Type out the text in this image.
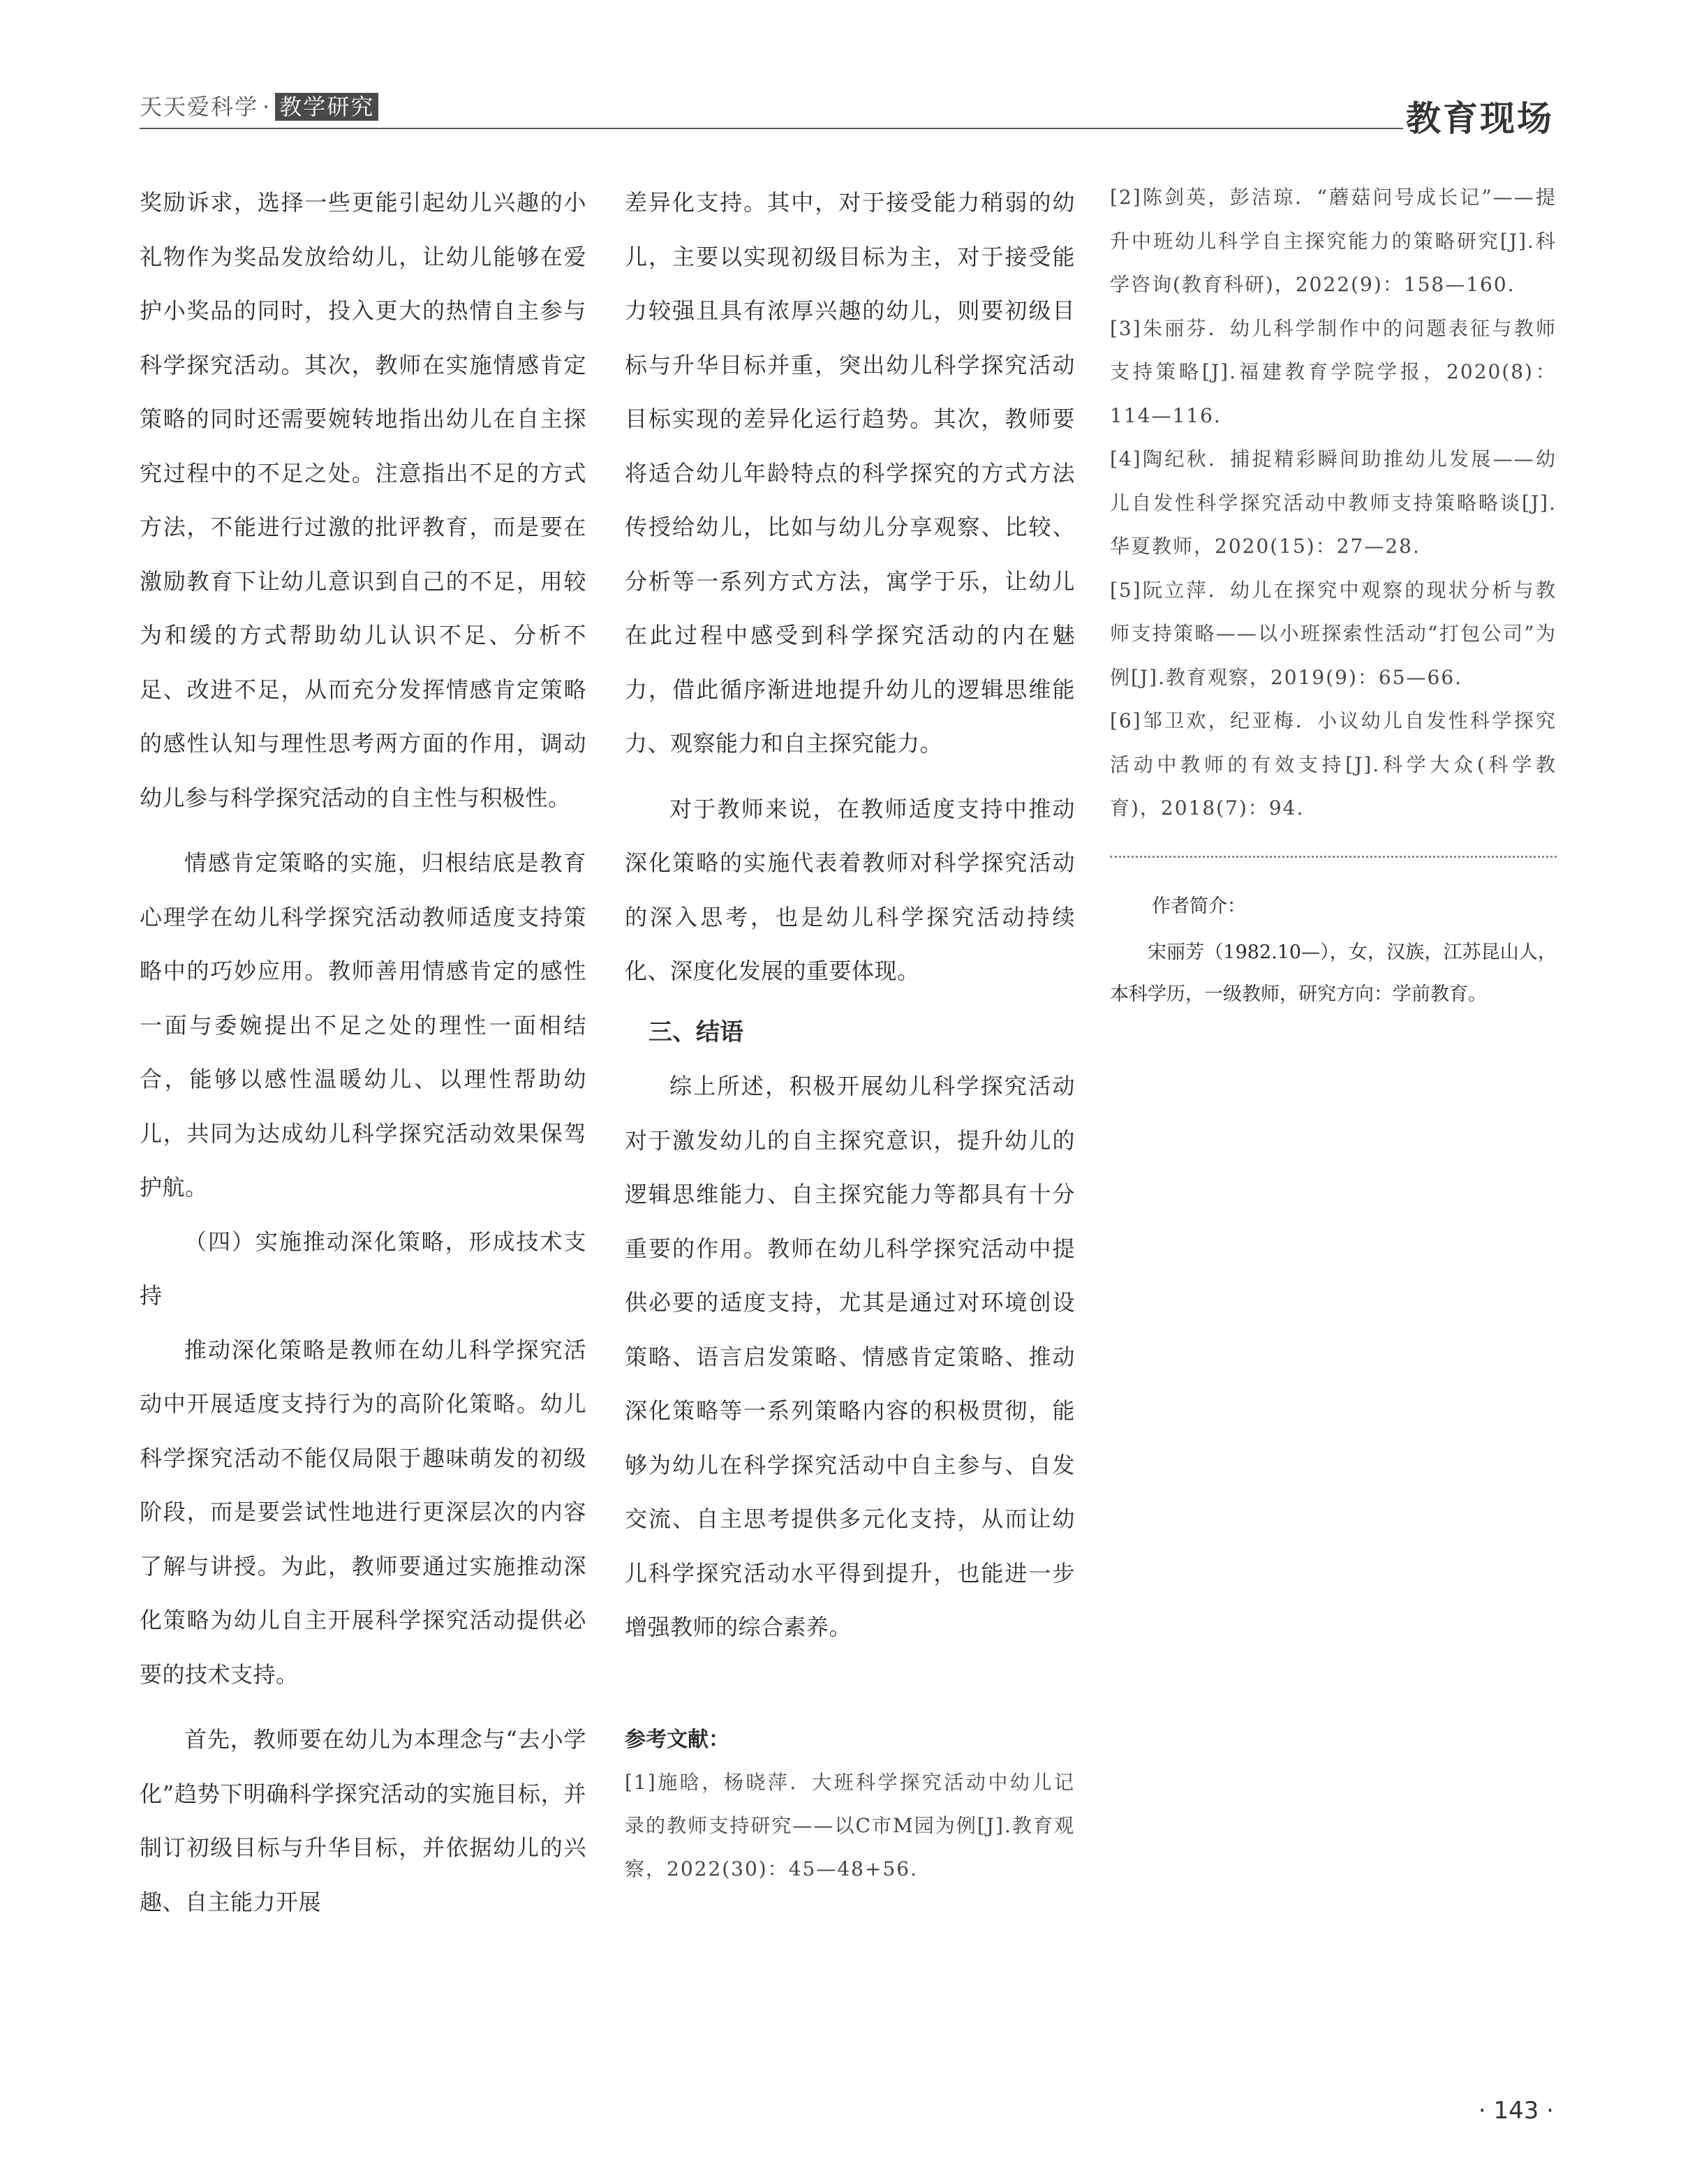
天天爱科学 · 教学研究	教育现场

奖励诉求，选择一些更能引起幼儿兴趣的小礼物作为奖品发放给幼儿，让幼儿能够在爱护小奖品的同时，投入更大的热情自主参与科学探究活动。其次，教师在实施情感肯定策略的同时还需要婉转地指出幼儿在自主探究过程中的不足之处。注意指出不足的方式方法，不能进行过激的批评教育，而是要在激励教育下让幼儿意识到自己的不足，用较为和缓的方式帮助幼儿认识不足、分析不足、改进不足，从而充分发挥情感肯定策略的感性认知与理性思考两方面的作用，调动幼儿参与科学探究活动的自主性与积极性。

情感肯定策略的实施，归根结底是教育心理学在幼儿科学探究活动教师适度支持策略中的巧妙应用。教师善用情感肯定的感性一面与委婉提出不足之处的理性一面相结合，能够以感性温暖幼儿、以理性帮助幼儿，共同为达成幼儿科学探究活动效果保驾护航。

（四）实施推动深化策略，形成技术支持

推动深化策略是教师在幼儿科学探究活动中开展适度支持行为的高阶化策略。幼儿科学探究活动不能仅局限于趣味萌发的初级阶段，而是要尝试性地进行更深层次的内容了解与讲授。为此，教师要通过实施推动深化策略为幼儿自主开展科学探究活动提供必要的技术支持。

首先，教师要在幼儿为本理念与“去小学化”趋势下明确科学探究活动的实施目标，并制订初级目标与升华目标，并依据幼儿的兴趣、自主能力开展

差异化支持。其中，对于接受能力稍弱的幼儿，主要以实现初级目标为主，对于接受能力较强且具有浓厚兴趣的幼儿，则要初级目标与升华目标并重，突出幼儿科学探究活动目标实现的差异化运行趋势。其次，教师要将适合幼儿年龄特点的科学探究的方式方法传授给幼儿，比如与幼儿分享观察、比较、分析等一系列方式方法，寓学于乐，让幼儿在此过程中感受到科学探究活动的内在魅力，借此循序渐进地提升幼儿的逻辑思维能力、观察能力和自主探究能力。

对于教师来说，在教师适度支持中推动深化策略的实施代表着教师对科学探究活动的深入思考，也是幼儿科学探究活动持续化、深度化发展的重要体现。

三、结语

综上所述，积极开展幼儿科学探究活动对于激发幼儿的自主探究意识，提升幼儿的逻辑思维能力、自主探究能力等都具有十分重要的作用。教师在幼儿科学探究活动中提供必要的适度支持，尤其是通过对环境创设策略、语言启发策略、情感肯定策略、推动深化策略等一系列策略内容的积极贯彻，能够为幼儿在科学探究活动中自主参与、自发交流、自主思考提供多元化支持，从而让幼儿科学探究活动水平得到提升，也能进一步增强教师的综合素养。

参考文献：

[1]施晗，杨晓萍．大班科学探究活动中幼儿记录的教师支持研究——以C市M园为例[J].教育观察，2022(30)：45—48+56.

[2]陈剑英，彭洁琼．“蘑菇问号成长记”——提升中班幼儿科学自主探究能力的策略研究[J].科学咨询(教育科研)，2022(9)：158—160.

[3]朱丽芬．幼儿科学制作中的问题表征与教师支持策略[J].福建教育学院学报，2020(8)：114—116.

[4]陶纪秋．捕捉精彩瞬间助推幼儿发展——幼儿自发性科学探究活动中教师支持策略略谈[J].华夏教师，2020(15)：27—28.

[5]阮立萍．幼儿在探究中观察的现状分析与教师支持策略——以小班探索性活动“打包公司”为例[J].教育观察，2019(9)：65—66.

[6]邹卫欢，纪亚梅．小议幼儿自发性科学探究活动中教师的有效支持[J].科学大众(科学教育)，2018(7)：94.

作者简介：

宋丽芳（1982.10—），女，汉族，江苏昆山人，本科学历，一级教师，研究方向：学前教育。

· 143 ·
